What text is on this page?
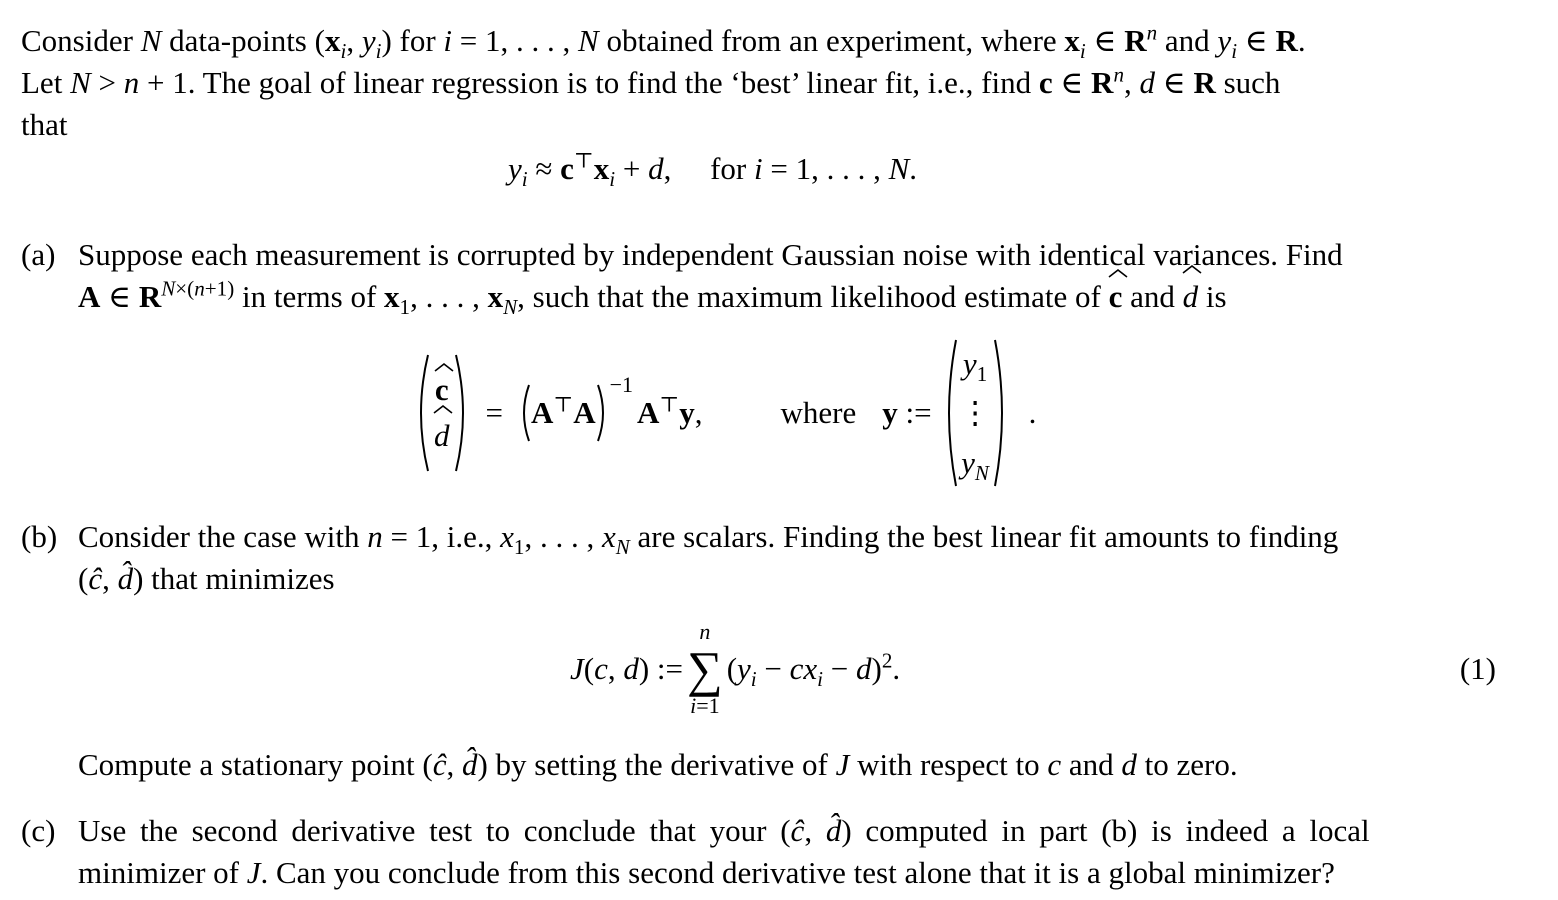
Consider N data-points ($x_i$, $y_i$) for i = 1, . . . , N obtained from an experiment, where $x_i$ ∈ $R^n$ and $y_i$ ∈ R.
Let N > n + 1. The goal of linear regression is to find the ‘best’ linear fit, i.e., find c ∈ $R^n$, d ∈ R such
that
$y_i \approx c^⊤x_i + d$,     for i = 1, . . . , N.
(a) Suppose each measurement is corrupted by independent Gaussian noise with identical variances. Find
A ∈ $R^{N\times(n+1)}$ in terms of $x_1$, . . . , $x_N$, such that the maximum likelihood estimate of
c and d is
c
d
= A⊤A
−1
A⊤y,	where y :=
$y_1$
⋮
$y_N$
.
(b) Consider the case with n = 1, i.e., $x_1$, . . . , $x_N$ are scalars. Finding the best linear fit amounts to finding
(ĉ, d̂) that minimizes
J(c, d) :=
n
∑
i=1
$(y_i - cx_i - d)^2$.	(1)
Compute a stationary point (ĉ, d̂) by setting the derivative of J with respect to c and d to zero.
(c) Use the second derivative test to conclude that your (ĉ, d̂) computed in part (b) is indeed a local
minimizer of J. Can you conclude from this second derivative test alone that it is a global minimizer?
